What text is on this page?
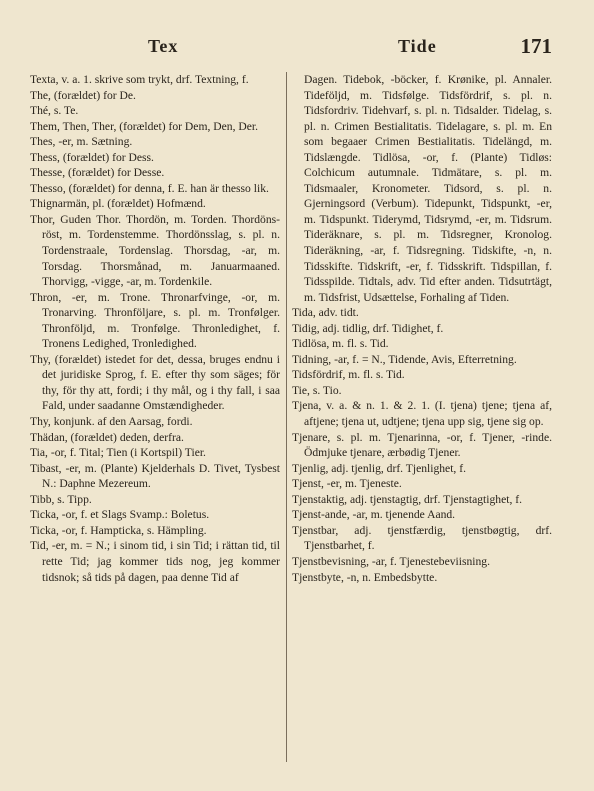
Tex	Tide	171

Texta, v. a. 1. skrive som trykt, drf. Textning, f.

The, (forældet) for De.

Thé, s. Te.

Them, Then, Ther, (forældet) for Dem, Den, Der.

Thes, -er, m. Sætning.

Thess, (forældet) for Dess.

Thesse, (forældet) for Desse.

Thesso, (forældet) for denna, f. E. han är thesso lik.

Thignarmän, pl. (forældet) Hofmænd.

Thor, Guden Thor. Thordön, m. Torden. Thordöns-röst, m. Tordenstemme. Thordönsslag, s. pl. n. Tordenstraale, Tordenslag. Thorsdag, -ar, m. Torsdag. Thorsmånad, m. Januarmaaned. Thorvigg, -vigge, -ar, m. Tordenkile.

Thron, -er, m. Trone. Thronarfvinge, -or, m. Tronarving. Thronföljare, s. pl. m. Tronfølger. Thronföljd, m. Tronfølge. Thronledighet, f. Tronens Ledighed, Tronledighed.

Thy, (forældet) istedet for det, dessa, bruges endnu i det juridiske Sprog, f. E. efter thy som säges; för thy, för thy att, fordi; i thy mål, og i thy fall, i saa Fald, under saadanne Omstændigheder.

Thy, konjunk. af den Aarsag, fordi.

Thädan, (forældet) deden, derfra.

Tia, -or, f. Tital; Tien (i Kortspil) Tier.

Tibast, -er, m. (Plante) Kjelderhals D. Tivet, Tysbest N.: Daphne Mezereum.

Tibb, s. Tipp.

Ticka, -or, f. et Slags Svamp.: Boletus.

Ticka, -or, f. Hampticka, s. Hämpling.

Tid, -er, m. = N.; i sinom tid, i sin Tid; i rättan tid, til rette Tid; jag kommer tids nog, jeg kommer tidsnok; så tids på dagen, paa denne Tid af

Dagen. Tidebok, -böcker, f. Krønike, pl. Annaler. Tideföljd, m. Tidsfølge. Tidsfördrif, s. pl. n. Tidsfordriv. Tidehvarf, s. pl. n. Tidsalder. Tidelag, s. pl. n. Crimen Bestialitatis. Tidelagare, s. pl. m. En som begaaer Crimen Bestialitatis. Tidelängd, m. Tidslængde. Tidlösa, -or, f. (Plante) Tidløs: Colchicum autumnale. Tidmätare, s. pl. m. Tidsmaaler, Kronometer. Tidsord, s. pl. n. Gjerningsord (Verbum). Tidepunkt, Tidspunkt, -er, m. Tidspunkt. Tiderymd, Tidsrymd, -er, m. Tidsrum. Tideräknare, s. pl. m. Tidsregner, Kronolog. Tideräkning, -ar, f. Tidsregning. Tidskifte, -n, n. Tidsskifte. Tidskrift, -er, f. Tidsskrift. Tidspillan, f. Tidsspilde. Tidtals, adv. Tid efter anden. Tidsutrtägt, m. Tidsfrist, Udsættelse, Forhaling af Tiden.

Tida, adv. tidt.

Tidig, adj. tidlig, drf. Tidighet, f.

Tidlösa, m. fl. s. Tid.

Tidning, -ar, f. = N., Tidende, Avis, Efterretning.

Tidsfördrif, m. fl. s. Tid.

Tie, s. Tio.

Tjena, v. a. & n. 1. & 2. 1. (I. tjena) tjene; tjena af, aftjene; tjena ut, udtjene; tjena upp sig, tjene sig op.

Tjenare, s. pl. m. Tjenarinna, -or, f. Tjener, -rinde. Ödmjuke tjenare, ærbødig Tjener.

Tjenlig, adj. tjenlig, drf. Tjenlighet, f.

Tjenst, -er, m. Tjeneste.

Tjenstaktig, adj. tjenstagtig, drf. Tjenstagtighet, f.

Tjenst-ande, -ar, m. tjenende Aand.

Tjenstbar, adj. tjenstfærdig, tjenstbøgtig, drf. Tjenstbarhet, f.

Tjenstbevisning, -ar, f. Tjenestebeviisning.

Tjenstbyte, -n, n. Embedsbytte.
